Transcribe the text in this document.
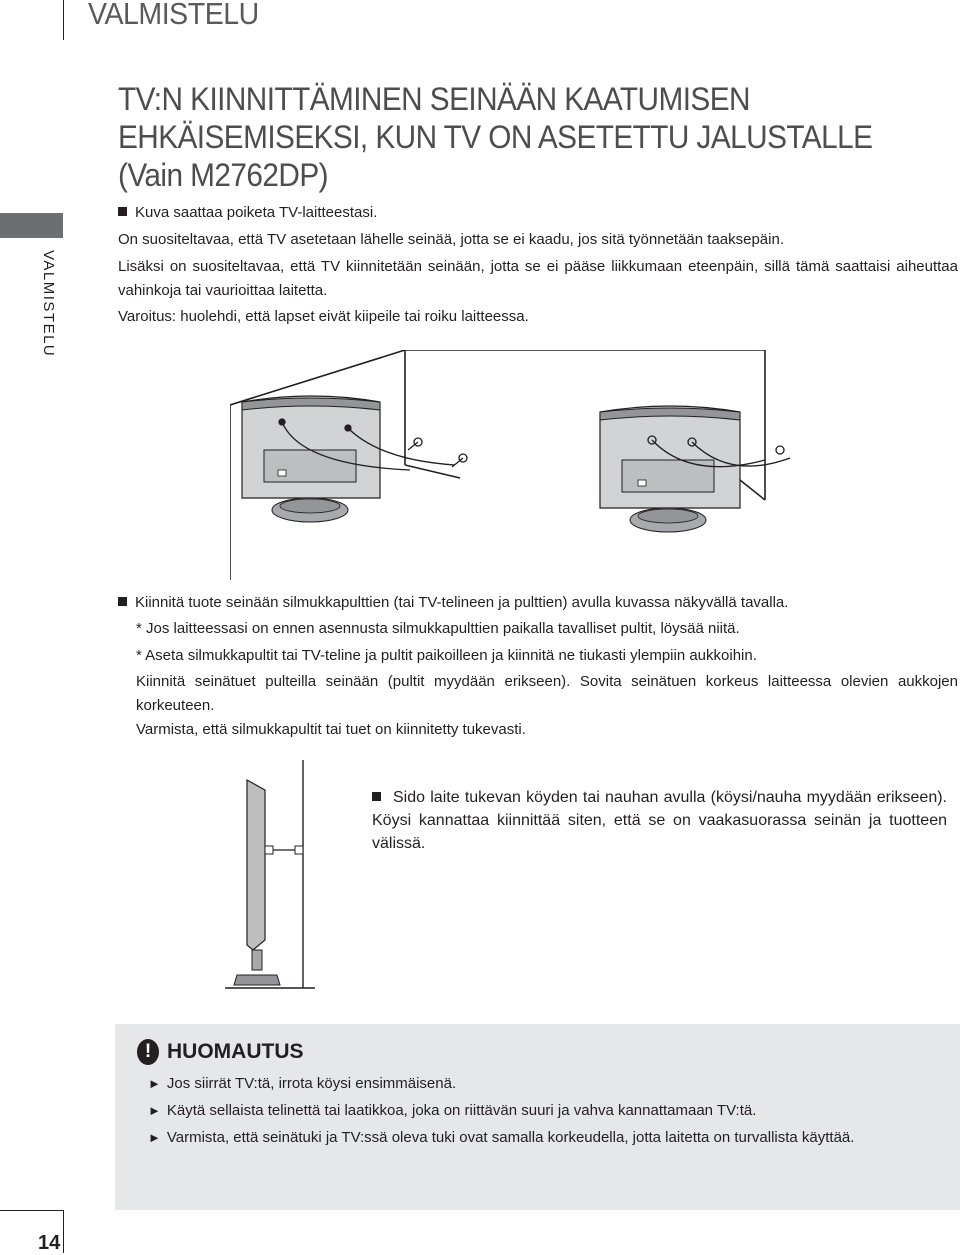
VALMISTELU
VALMISTELU
14
TV:N KIINNITTÄMINEN SEINÄÄN KAATUMISEN
EHKÄISEMISEKSI, KUN TV ON ASETETTU JALUSTALLE
(Vain M2762DP)

Kuva saattaa poiketa TV-laitteestasi.

On suositeltavaa, että TV asetetaan lähelle seinää, jotta se ei kaadu, jos sitä työnnetään taaksepäin.

Lisäksi on suositeltavaa, että TV kiinnitetään seinään, jotta se ei pääse liikkumaan eteenpäin, sillä tämä saattaisi aiheuttaa vahinkoja tai vaurioittaa laitetta.

Varoitus: huolehdi, että lapset eivät kiipeile tai roiku laitteessa.

Kiinnitä tuote seinään silmukkapulttien (tai TV-telineen ja pulttien) avulla kuvassa näkyvällä tavalla.

* Jos laitteessasi on ennen asennusta silmukkapulttien paikalla tavalliset pultit, löysää niitä.

* Aseta silmukkapultit tai TV-teline ja pultit paikoilleen ja kiinnitä ne tiukasti ylempiin aukkoihin.

Kiinnitä seinätuet pulteilla seinään (pultit myydään erikseen). Sovita seinätuen korkeus laitteessa olevien aukkojen korkeuteen.

Varmista, että silmukkapultit tai tuet on kiinnitetty tukevasti.

Sido laite tukevan köyden tai nauhan avulla (köysi/nauha myydään erikseen). Köysi kannattaa kiinnittää siten, että se on vaakasuorassa seinän ja tuotteen välissä.

! HUOMAUTUS
► Jos siirrät TV:tä, irrota köysi ensimmäisenä.
► Käytä sellaista telinettä tai laatikkoa, joka on riittävän suuri ja vahva kannattamaan TV:tä.
► Varmista, että seinätuki ja TV:ssä oleva tuki ovat samalla korkeudella, jotta laitetta on turvallista käyttää.
